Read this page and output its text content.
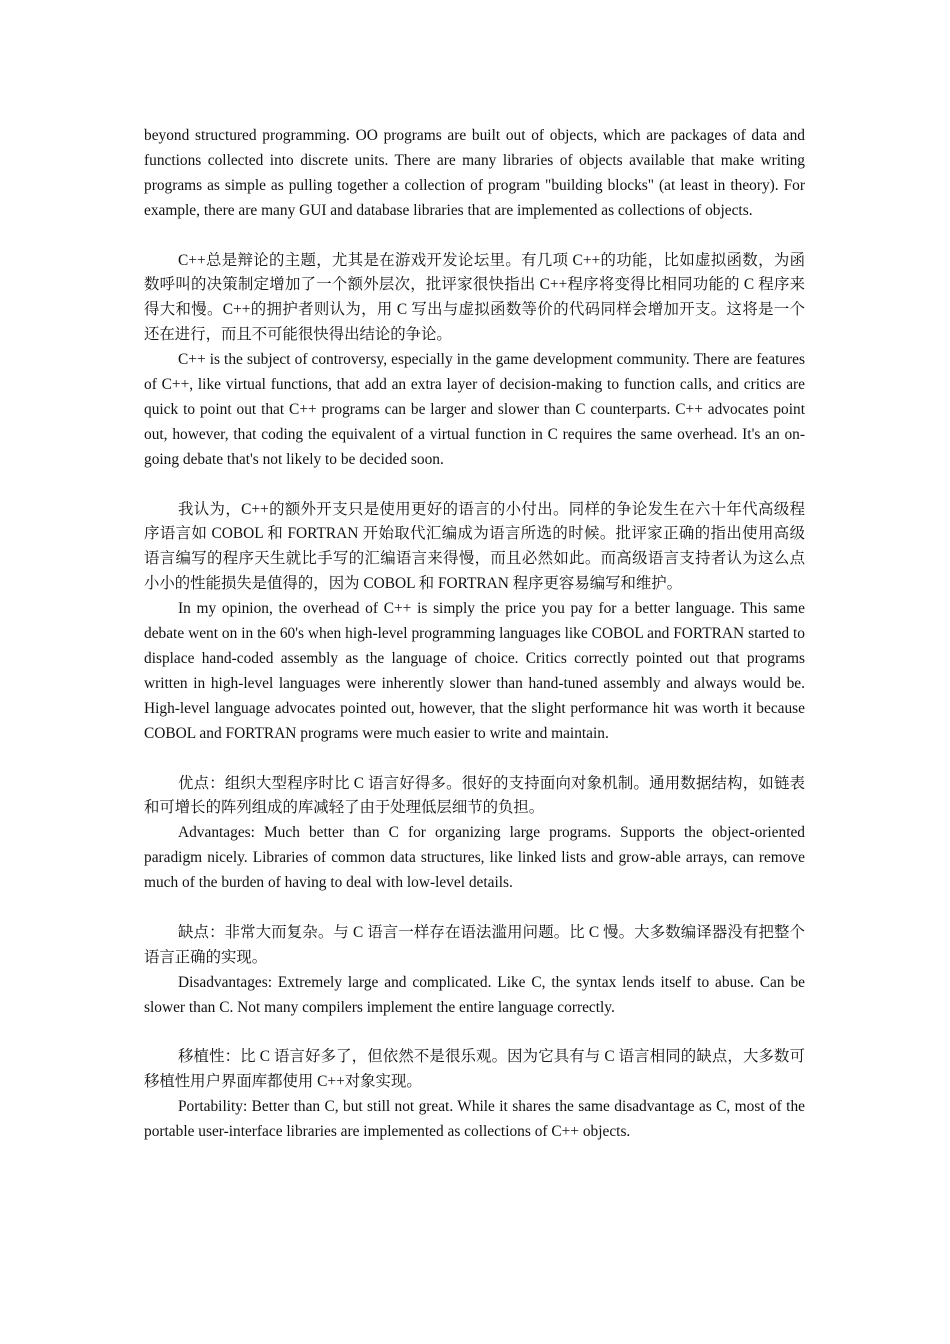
beyond structured programming. OO programs are built out of objects, which are packages of data and functions collected into discrete units. There are many libraries of objects available that make writing programs as simple as pulling together a collection of program "building blocks" (at least in theory). For example, there are many GUI and database libraries that are implemented as collections of objects.

C++总是辩论的主题，尤其是在游戏开发论坛里。有几项 C++的功能，比如虚拟函数，为函数呼叫的决策制定增加了一个额外层次，批评家很快指出 C++程序将变得比相同功能的 C 程序来得大和慢。C++的拥护者则认为，用 C 写出与虚拟函数等价的代码同样会增加开支。这将是一个还在进行，而且不可能很快得出结论的争论。

C++ is the subject of controversy, especially in the game development community. There are features of C++, like virtual functions, that add an extra layer of decision-making to function calls, and critics are quick to point out that C++ programs can be larger and slower than C counterparts. C++ advocates point out, however, that coding the equivalent of a virtual function in C requires the same overhead. It's an on-going debate that's not likely to be decided soon.

我认为，C++的额外开支只是使用更好的语言的小付出。同样的争论发生在六十年代高级程序语言如 COBOL 和 FORTRAN 开始取代汇编成为语言所选的时候。批评家正确的指出使用高级语言编写的程序天生就比手写的汇编语言来得慢，而且必然如此。而高级语言支持者认为这么点小小的性能损失是值得的，因为 COBOL 和 FORTRAN 程序更容易编写和维护。

In my opinion, the overhead of C++ is simply the price you pay for a better language. This same debate went on in the 60's when high-level programming languages like COBOL and FORTRAN started to displace hand-coded assembly as the language of choice. Critics correctly pointed out that programs written in high-level languages were inherently slower than hand-tuned assembly and always would be. High-level language advocates pointed out, however, that the slight performance hit was worth it because COBOL and FORTRAN programs were much easier to write and maintain.

优点：组织大型程序时比 C 语言好得多。很好的支持面向对象机制。通用数据结构，如链表和可增长的阵列组成的库减轻了由于处理低层细节的负担。

Advantages: Much better than C for organizing large programs. Supports the object-oriented paradigm nicely. Libraries of common data structures, like linked lists and grow-able arrays, can remove much of the burden of having to deal with low-level details.

缺点：非常大而复杂。与 C 语言一样存在语法滥用问题。比 C 慢。大多数编译器没有把整个语言正确的实现。

Disadvantages: Extremely large and complicated. Like C, the syntax lends itself to abuse. Can be slower than C. Not many compilers implement the entire language correctly.

移植性：比 C 语言好多了，但依然不是很乐观。因为它具有与 C 语言相同的缺点，大多数可移植性用户界面库都使用 C++对象实现。

Portability: Better than C, but still not great. While it shares the same disadvantage as C, most of the portable user-interface libraries are implemented as collections of C++ objects.
